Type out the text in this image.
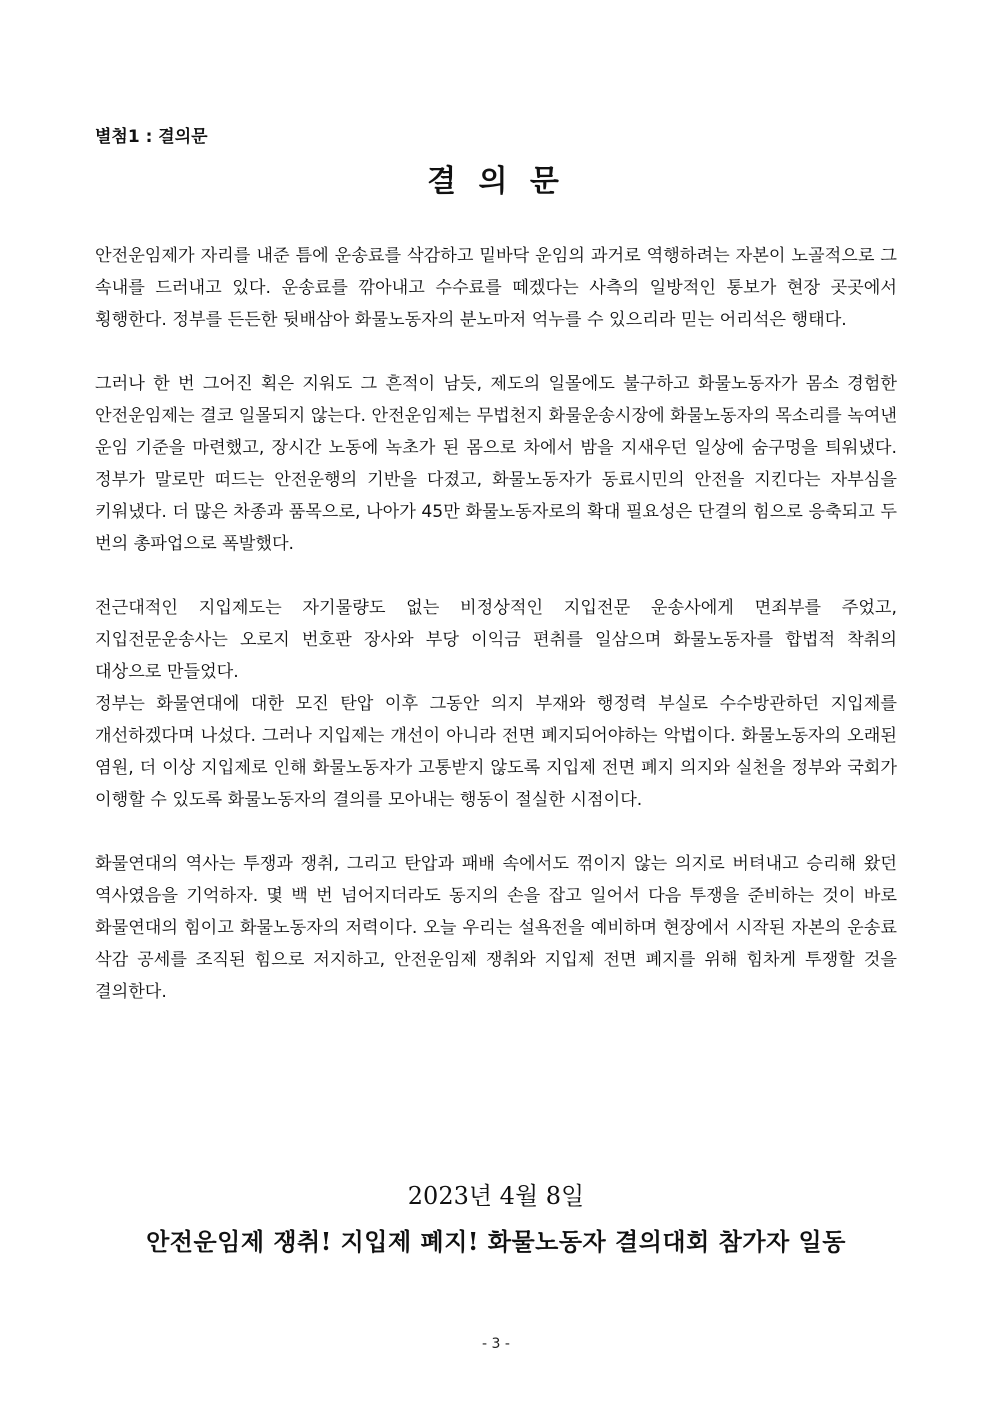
별첨1 : 결의문
결 의 문

안전운임제가 자리를 내준 틈에 운송료를 삭감하고 밑바닥 운임의 과거로 역행하려는 자본이 노골적으로 그 속내를 드러내고 있다. 운송료를 깎아내고 수수료를 떼겠다는 사측의 일방적인 통보가 현장 곳곳에서 횡행한다. 정부를 든든한 뒷배삼아 화물노동자의 분노마저 억누를 수 있으리라 믿는 어리석은 행태다.

그러나 한 번 그어진 획은 지워도 그 흔적이 남듯, 제도의 일몰에도 불구하고 화물노동자가 몸소 경험한 안전운임제는 결코 일몰되지 않는다. 안전운임제는 무법천지 화물운송시장에 화물노동자의 목소리를 녹여낸 운임 기준을 마련했고, 장시간 노동에 녹초가 된 몸으로 차에서 밤을 지새우던 일상에 숨구멍을 틔워냈다. 정부가 말로만 떠드는 안전운행의 기반을 다졌고, 화물노동자가 동료시민의 안전을 지킨다는 자부심을 키워냈다. 더 많은 차종과 품목으로, 나아가 45만 화물노동자로의 확대 필요성은 단결의 힘으로 응축되고 두 번의 총파업으로 폭발했다.

전근대적인 지입제도는 자기물량도 없는 비정상적인 지입전문 운송사에게 면죄부를 주었고, 지입전문운송사는 오로지 번호판 장사와 부당 이익금 편취를 일삼으며 화물노동자를 합법적 착취의 대상으로 만들었다.

정부는 화물연대에 대한 모진 탄압 이후 그동안 의지 부재와 행정력 부실로 수수방관하던 지입제를 개선하겠다며 나섰다. 그러나 지입제는 개선이 아니라 전면 폐지되어야하는 악법이다. 화물노동자의 오래된 염원, 더 이상 지입제로 인해 화물노동자가 고통받지 않도록 지입제 전면 폐지 의지와 실천을 정부와 국회가 이행할 수 있도록 화물노동자의 결의를 모아내는 행동이 절실한 시점이다.

화물연대의 역사는 투쟁과 쟁취, 그리고 탄압과 패배 속에서도 꺾이지 않는 의지로 버텨내고 승리해 왔던 역사였음을 기억하자. 몇 백 번 넘어지더라도 동지의 손을 잡고 일어서 다음 투쟁을 준비하는 것이 바로 화물연대의 힘이고 화물노동자의 저력이다. 오늘 우리는 설욕전을 예비하며 현장에서 시작된 자본의 운송료 삭감 공세를 조직된 힘으로 저지하고, 안전운임제 쟁취와 지입제 전면 폐지를 위해 힘차게 투쟁할 것을 결의한다.

2023년 4월 8일
안전운임제 쟁취! 지입제 폐지! 화물노동자 결의대회 참가자 일동
- 3 -
